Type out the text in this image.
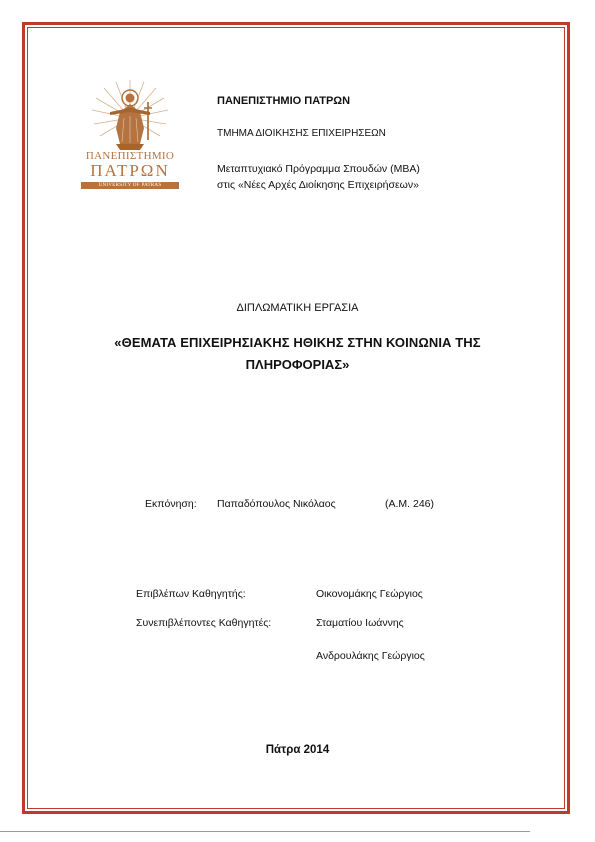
ΠΑΝΕΠΙΣΤΗΜΙΟ
ΠΑΤΡΩΝ
UNIVERSITY OF PATRAS
ΠΑΝΕΠΙΣΤΗΜΙΟ ΠΑΤΡΩΝ
ΤΜΗΜΑ ΔΙΟΙΚΗΣΗΣ ΕΠΙΧΕΙΡΗΣΕΩΝ
Μεταπτυχιακό Πρόγραμμα Σπουδών (ΜΒΑ)
στις «Νέες Αρχές Διοίκησης Επιχειρήσεων»
ΔΙΠΛΩΜΑΤΙΚΗ ΕΡΓΑΣΙΑ
«ΘΕΜΑΤΑ ΕΠΙΧΕΙΡΗΣΙΑΚΗΣ ΗΘΙΚΗΣ ΣΤΗΝ ΚΟΙΝΩΝΙΑ ΤΗΣ
ΠΛΗΡΟΦΟΡΙΑΣ»
Εκπόνηση: Παπαδόπουλος Νικόλαος	(Α.Μ. 246)
Επιβλέπων Καθηγητής:	Οικονομάκης Γεώργιος
Συνεπιβλέποντες Καθηγητές:	Σταματίου Ιωάννης
Ανδρουλάκης Γεώργιος
Πάτρα 2014
